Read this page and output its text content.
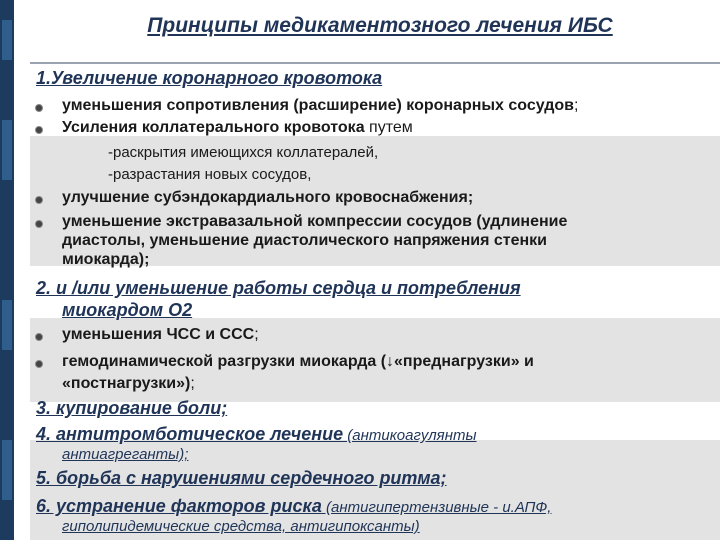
Принципы медикаментозного лечения ИБС
1.Увеличение коронарного кровотока
уменьшения сопротивления (расширение) коронарных сосудов;
Усиления коллатерального кровотока путем
-раскрытия имеющихся коллатералей,
-разрастания новых сосудов,
улучшение субэндокардиального кровоснабжения;
уменьшение экстравазальной компрессии сосудов (удлинение
диастолы, уменьшение диастолического напряжения стенки
миокарда);
2. и /или уменьшение работы сердца и потребления
миокардом О2
уменьшения ЧСС и ССС;
гемодинамической разгрузки миокарда (↓«преднагрузки» и
«постнагрузки»);
3. купирование боли;
4. антитромботическое лечение (антикоагулянты
антиагреганты);
5. борьба с нарушениями сердечного ритма;
6. устранение факторов риска (антигипертензивные - и.АПФ,
гиполипидемические средства, антигипоксанты)
